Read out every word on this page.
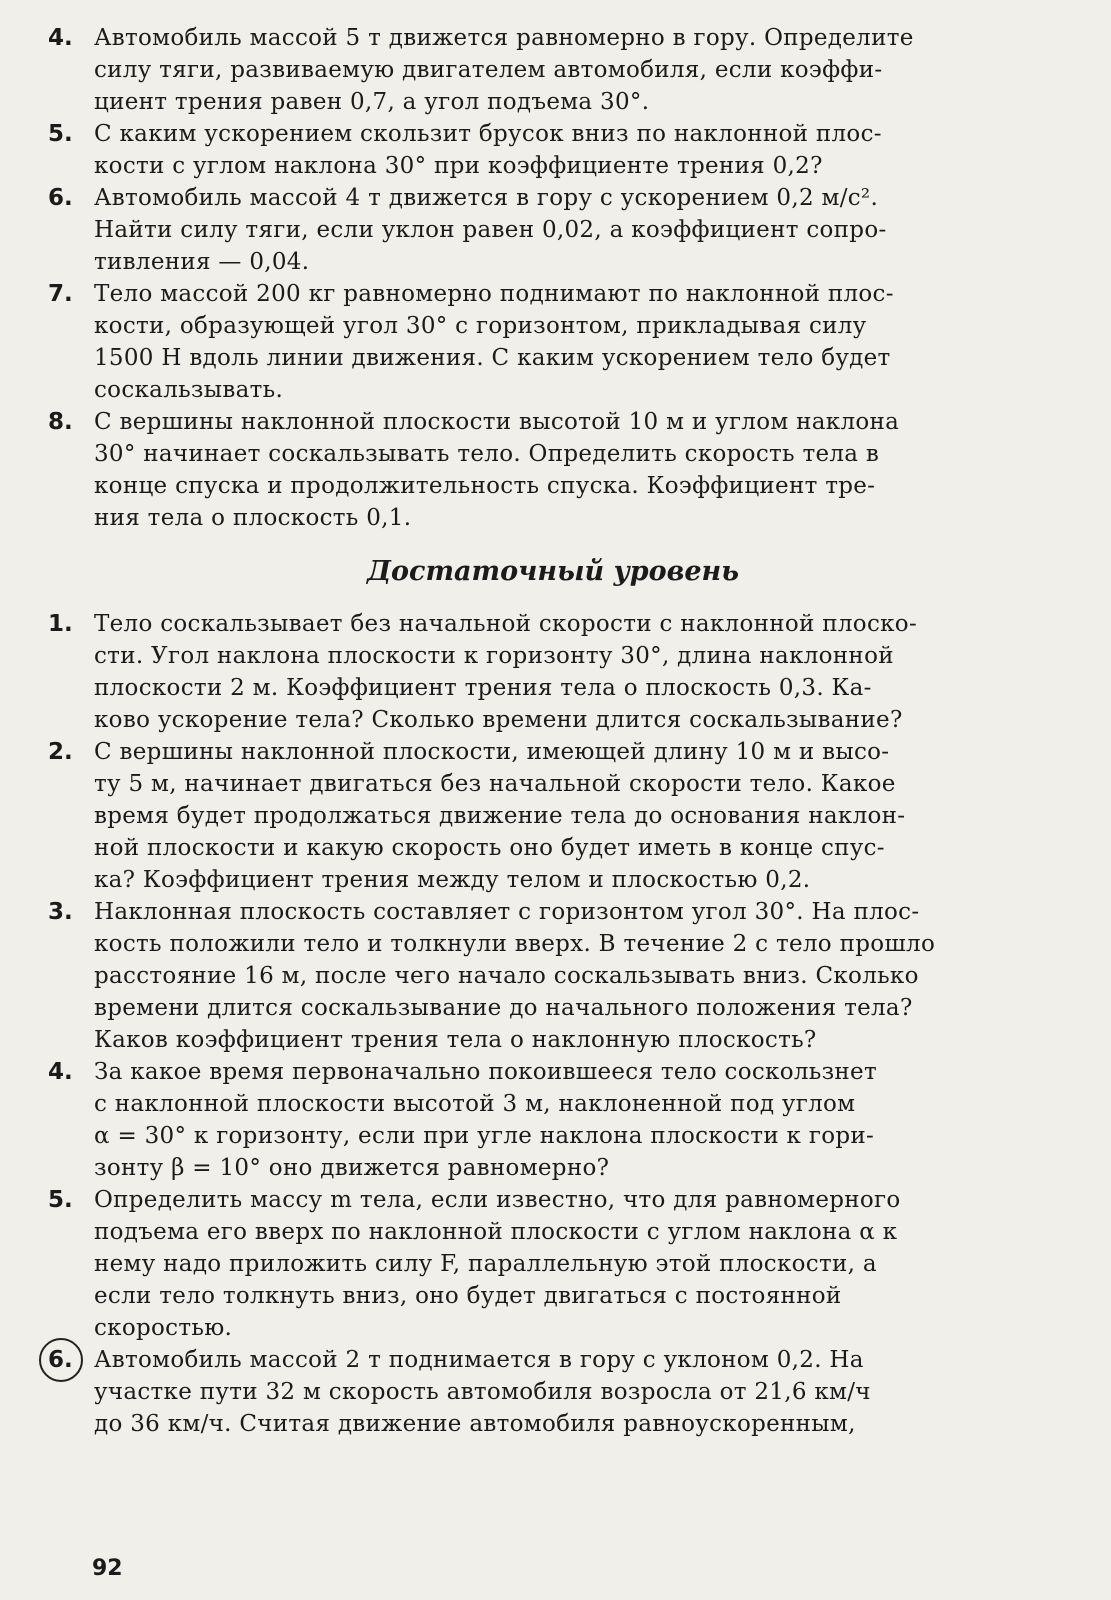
4. Автомобиль массой 5 т движется равномерно в гору. Определите
силу тяги, развиваемую двигателем автомобиля, если коэффи-
циент трения равен 0,7, а угол подъема 30°.
5. С каким ускорением скользит брусок вниз по наклонной плос-
кости с углом наклона 30° при коэффициенте трения 0,2?
6. Автомобиль массой 4 т движется в гору с ускорением 0,2 м/с².
Найти силу тяги, если уклон равен 0,02, а коэффициент сопро-
тивления — 0,04.
7. Тело массой 200 кг равномерно поднимают по наклонной плос-
кости, образующей угол 30° с горизонтом, прикладывая силу
1500 Н вдоль линии движения. С каким ускорением тело будет
соскальзывать.
8. С вершины наклонной плоскости высотой 10 м и углом наклона
30° начинает соскальзывать тело. Определить скорость тела в
конце спуска и продолжительность спуска. Коэффициент тре-
ния тела о плоскость 0,1.
Достаточный уровень
1. Тело соскальзывает без начальной скорости с наклонной плоско-
сти. Угол наклона плоскости к горизонту 30°, длина наклонной
плоскости 2 м. Коэффициент трения тела о плоскость 0,3. Ка-
ково ускорение тела? Сколько времени длится соскальзывание?
2. С вершины наклонной плоскости, имеющей длину 10 м и высо-
ту 5 м, начинает двигаться без начальной скорости тело. Какое
время будет продолжаться движение тела до основания наклон-
ной плоскости и какую скорость оно будет иметь в конце спус-
ка? Коэффициент трения между телом и плоскостью 0,2.
3. Наклонная плоскость составляет с горизонтом угол 30°. На плос-
кость положили тело и толкнули вверх. В течение 2 с тело прошло
расстояние 16 м, после чего начало соскальзывать вниз. Сколько
времени длится соскальзывание до начального положения тела?
Каков коэффициент трения тела о наклонную плоскость?
4. За какое время первоначально покоившееся тело соскользнет
с наклонной плоскости высотой 3 м, наклоненной под углом
α = 30° к горизонту, если при угле наклона плоскости к гори-
зонту β = 10° оно движется равномерно?
5. Определить массу m тела, если известно, что для равномерного
подъема его вверх по наклонной плоскости с углом наклона α к
нему надо приложить силу F, параллельную этой плоскости, а
если тело толкнуть вниз, оно будет двигаться с постоянной
скоростью.
6. Автомобиль массой 2 т поднимается в гору с уклоном 0,2. На
участке пути 32 м скорость автомобиля возросла от 21,6 км/ч
до 36 км/ч. Считая движение автомобиля равноускоренным,
92
